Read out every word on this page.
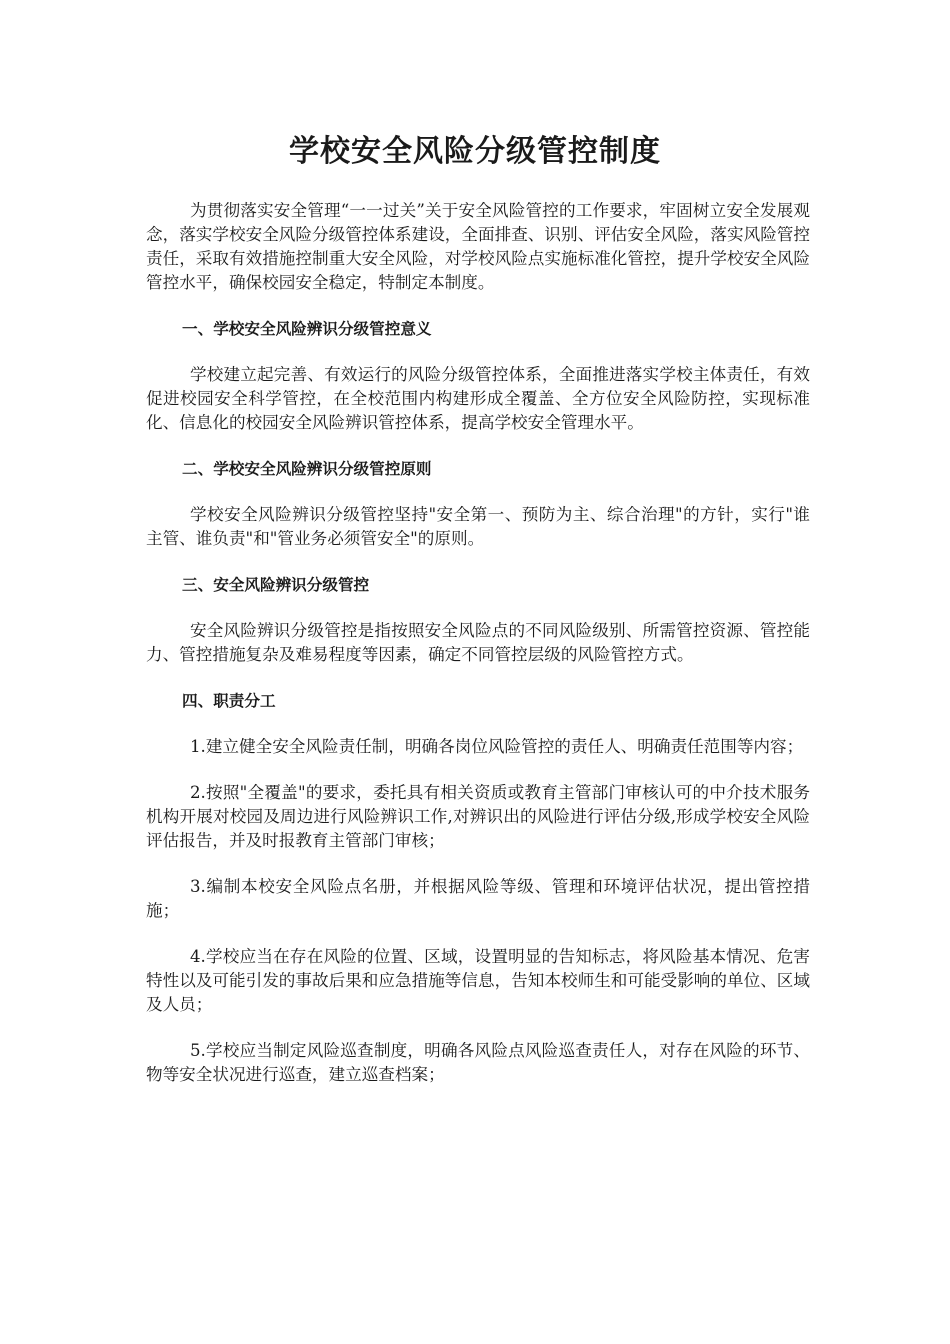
学校安全风险分级管控制度

为贯彻落实安全管理“一一过关”关于安全风险管控的工作要求，牢固树立安全发展观念，落实学校安全风险分级管控体系建设，全面排查、识别、评估安全风险，落实风险管控责任，采取有效措施控制重大安全风险，对学校风险点实施标准化管控，提升学校安全风险管控水平，确保校园安全稳定，特制定本制度。

一、学校安全风险辨识分级管控意义

学校建立起完善、有效运行的风险分级管控体系，全面推进落实学校主体责任，有效促进校园安全科学管控，在全校范围内构建形成全覆盖、全方位安全风险防控，实现标准化、信息化的校园安全风险辨识管控体系，提高学校安全管理水平。

二、学校安全风险辨识分级管控原则

学校安全风险辨识分级管控坚持"安全第一、预防为主、综合治理"的方针，实行"谁主管、谁负责"和"管业务必须管安全"的原则。

三、安全风险辨识分级管控

安全风险辨识分级管控是指按照安全风险点的不同风险级别、所需管控资源、管控能力、管控措施复杂及难易程度等因素，确定不同管控层级的风险管控方式。

四、职责分工

1.建立健全安全风险责任制，明确各岗位风险管控的责任人、明确责任范围等内容；

2.按照"全覆盖"的要求，委托具有相关资质或教育主管部门审核认可的中介技术服务机构开展对校园及周边进行风险辨识工作,对辨识出的风险进行评估分级,形成学校安全风险评估报告，并及时报教育主管部门审核；

3.编制本校安全风险点名册，并根据风险等级、管理和环境评估状况，提出管控措施；

4.学校应当在存在风险的位置、区域，设置明显的告知标志，将风险基本情况、危害特性以及可能引发的事故后果和应急措施等信息，告知本校师生和可能受影响的单位、区域及人员；

5.学校应当制定风险巡查制度，明确各风险点风险巡查责任人，对存在风险的环节、物等安全状况进行巡查，建立巡查档案；
